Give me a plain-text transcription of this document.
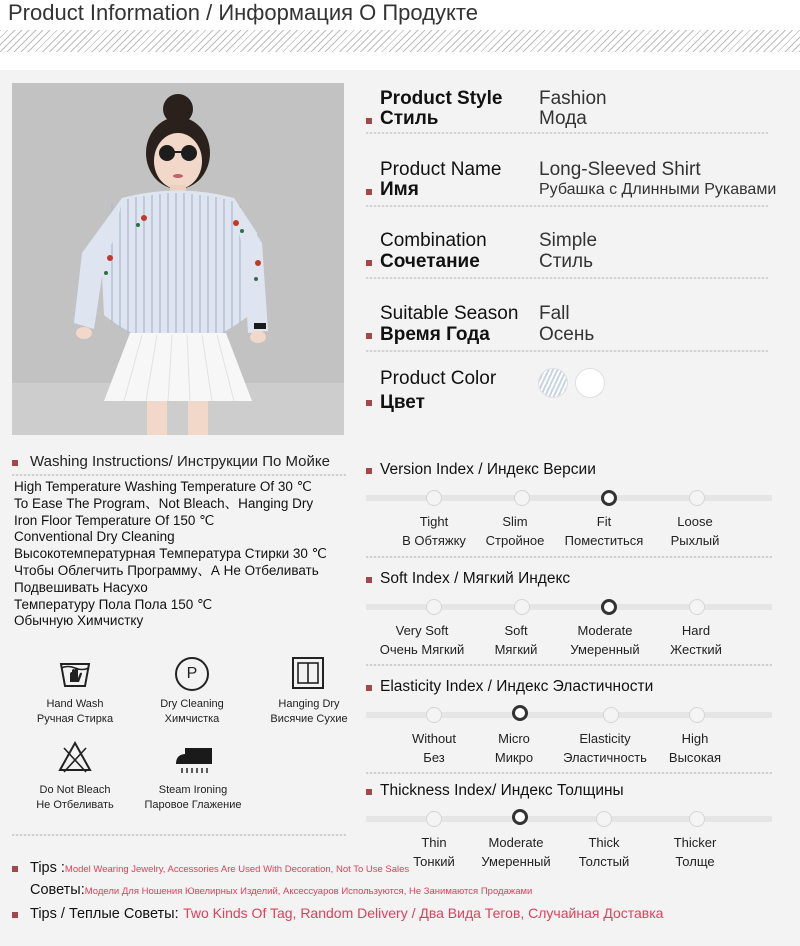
Product Information / Информация О Продукте
Product Style
Стиль
Fashion
Мода
Product Name
Имя
Long-Sleeved Shirt
Рубашка с Длинными Рукавами
Combination
Сочетание
Simple
Стиль
Suitable Season
Время Года
Fall
Осень
Product Color
Цвет
Washing Instructions/ Инструкции По Мойке
High Temperature Washing Temperature Of 30 ℃
To Ease The Program、Not Bleach、Hanging Dry
Iron Floor Temperature Of 150 ℃
Conventional Dry Cleaning
Высокотемпературная Температура Стирки 30 ℃
Чтобы Облегчить Программу、А Не Отбеливать
Подвешивать Насухо
Температуру Пола Пола 150 ℃
Обычную Химчистку
Hand Wash
Ручная Стирка
P
Dry Cleaning
Химчистка
Hanging Dry
Висячие Сухие
Do Not Bleach
Не Отбеливать
Steam Ironing
Паровое Глажение
Version Index / Индекс Версии
Tight
В Обтяжку
Slim
Стройное
Fit
Поместиться
Loose
Рыхлый
Soft Index / Мягкий Индекс
Very Soft
Очень Мягкий
Soft
Мягкий
Moderate
Умеренный
Hard
Жесткий
Elasticity Index / Индекс Эластичности
Without
Без
Micro
Микро
Elasticity
Эластичность
High
Высокая
Thickness Index/ Индекс Толщины
Thin
Тонкий
Moderate
Умеренный
Thick
Толстый
Thicker
Толще
Tips :Model Wearing Jewelry, Accessories Are Used With Decoration, Not To Use Sales
Советы:Модели Для Ношения Ювелирных Изделий, Аксессуаров Используются, Не Занимаются Продажами
Tips / Теплые Советы: Two Kinds Of Tag, Random Delivery / Два Вида Тегов, Случайная Доставка
